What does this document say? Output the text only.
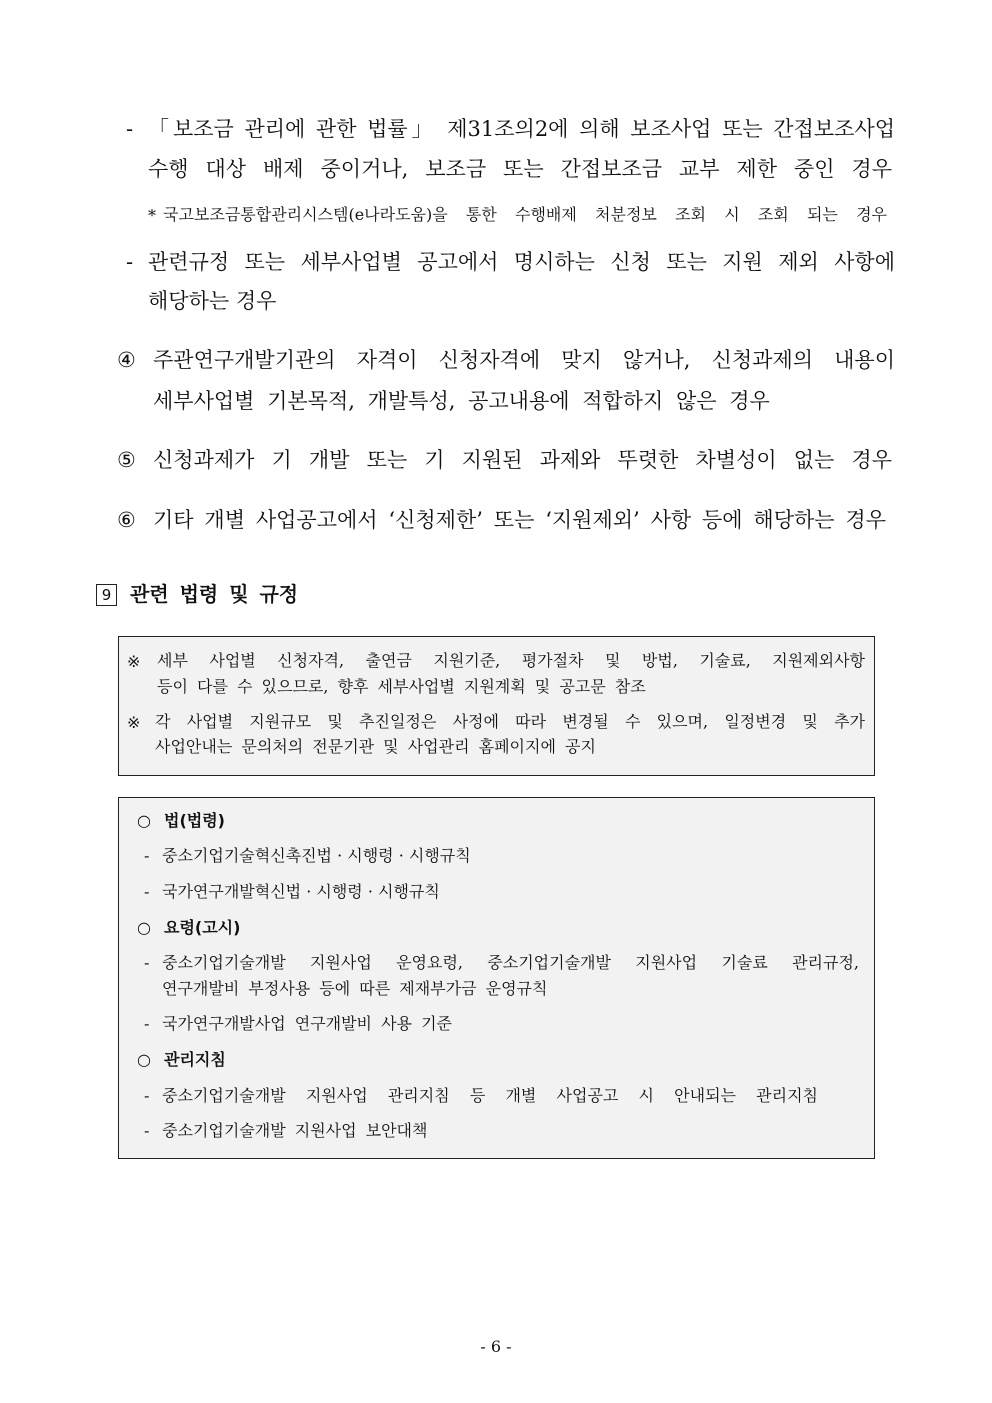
- 「보조금 관리에 관한 법률」 제31조의2에 의해 보조사업 또는 간접보조사업
수행 대상 배제 중이거나, 보조금 또는 간접보조금 교부 제한 중인 경우
* 국고보조금통합관리시스템(e나라도움)을 통한 수행배제 처분정보 조회 시 조회 되는 경우
- 관련규정 또는 세부사업별 공고에서 명시하는 신청 또는 지원 제외 사항에
해당하는 경우
④ 주관연구개발기관의 자격이 신청자격에 맞지 않거나, 신청과제의 내용이
세부사업별 기본목적, 개발특성, 공고내용에 적합하지 않은 경우
⑤ 신청과제가 기 개발 또는 기 지원된 과제와 뚜렷한 차별성이 없는 경우
⑥ 기타 개별 사업공고에서 ‘신청제한’ 또는 ‘지원제외’ 사항 등에 해당하는 경우
9 관련 법령 및 규정
※ 세부 사업별 신청자격, 출연금 지원기준, 평가절차 및 방법, 기술료, 지원제외사항
등이 다를 수 있으므로, 향후 세부사업별 지원계획 및 공고문 참조
※ 각 사업별 지원규모 및 추진일정은 사정에 따라 변경될 수 있으며, 일정변경 및 추가
사업안내는 문의처의 전문기관 및 사업관리 홈페이지에 공지
○ 법(법령)
- 중소기업기술혁신촉진법 · 시행령 · 시행규칙
- 국가연구개발혁신법 · 시행령 · 시행규칙
○ 요령(고시)
- 중소기업기술개발 지원사업 운영요령, 중소기업기술개발 지원사업 기술료 관리규정,
연구개발비 부정사용 등에 따른 제재부가금 운영규칙
- 국가연구개발사업 연구개발비 사용 기준
○ 관리지침
- 중소기업기술개발 지원사업 관리지침 등 개별 사업공고 시 안내되는 관리지침
- 중소기업기술개발 지원사업 보안대책
- 6 -
